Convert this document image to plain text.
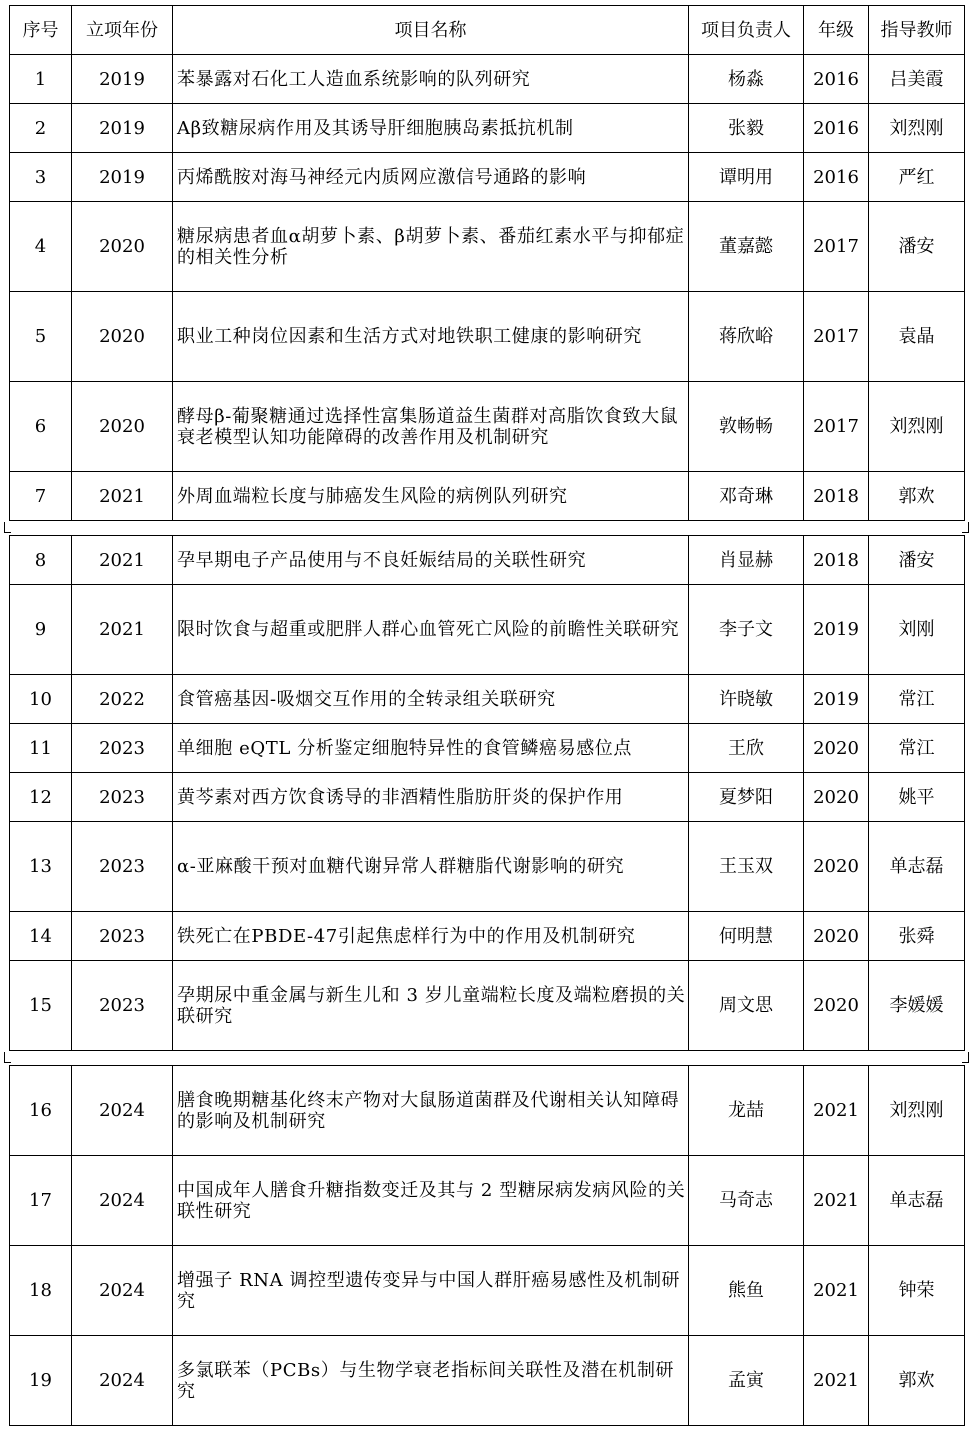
序号	立项年份	项目名称	项目负责人	年级	指导教师
1	2019	苯暴露对石化工人造血系统影响的队列研究	杨淼	2016	吕美霞
2	2019	Aβ致糖尿病作用及其诱导肝细胞胰岛素抵抗机制	张毅	2016	刘烈刚
3	2019	丙烯酰胺对海马神经元内质网应激信号通路的影响	谭明用	2016	严红
4	2020	糖尿病患者血α胡萝卜素、β胡萝卜素、番茄红素水平与抑郁症的相关性分析	董嘉懿	2017	潘安
5	2020	职业工种岗位因素和生活方式对地铁职工健康的影响研究	蒋欣峪	2017	袁晶
6	2020	酵母β-葡聚糖通过选择性富集肠道益生菌群对高脂饮食致大鼠衰老模型认知功能障碍的改善作用及机制研究	敦畅畅	2017	刘烈刚
7	2021	外周血端粒长度与肺癌发生风险的病例队列研究	邓奇琳	2018	郭欢
8	2021	孕早期电子产品使用与不良妊娠结局的关联性研究	肖显赫	2018	潘安
9	2021	限时饮食与超重或肥胖人群心血管死亡风险的前瞻性关联研究	李子文	2019	刘刚
10	2022	食管癌基因-吸烟交互作用的全转录组关联研究	许晓敏	2019	常江
11	2023	单细胞 eQTL 分析鉴定细胞特异性的食管鳞癌易感位点	王欣	2020	常江
12	2023	黄芩素对西方饮食诱导的非酒精性脂肪肝炎的保护作用	夏梦阳	2020	姚平
13	2023	α-亚麻酸干预对血糖代谢异常人群糖脂代谢影响的研究	王玉双	2020	单志磊
14	2023	铁死亡在PBDE-47引起焦虑样行为中的作用及机制研究	何明慧	2020	张舜
15	2023	孕期尿中重金属与新生儿和 3 岁儿童端粒长度及端粒磨损的关联研究	周文思	2020	李媛媛
16	2024	膳食晚期糖基化终末产物对大鼠肠道菌群及代谢相关认知障碍的影响及机制研究	龙喆	2021	刘烈刚
17	2024	中国成年人膳食升糖指数变迁及其与 2 型糖尿病发病风险的关联性研究	马奇志	2021	单志磊
18	2024	增强子 RNA 调控型遗传变异与中国人群肝癌易感性及机制研究	熊鱼	2021	钟荣
19	2024	多氯联苯（PCBs）与生物学衰老指标间关联性及潜在机制研究	孟寅	2021	郭欢
